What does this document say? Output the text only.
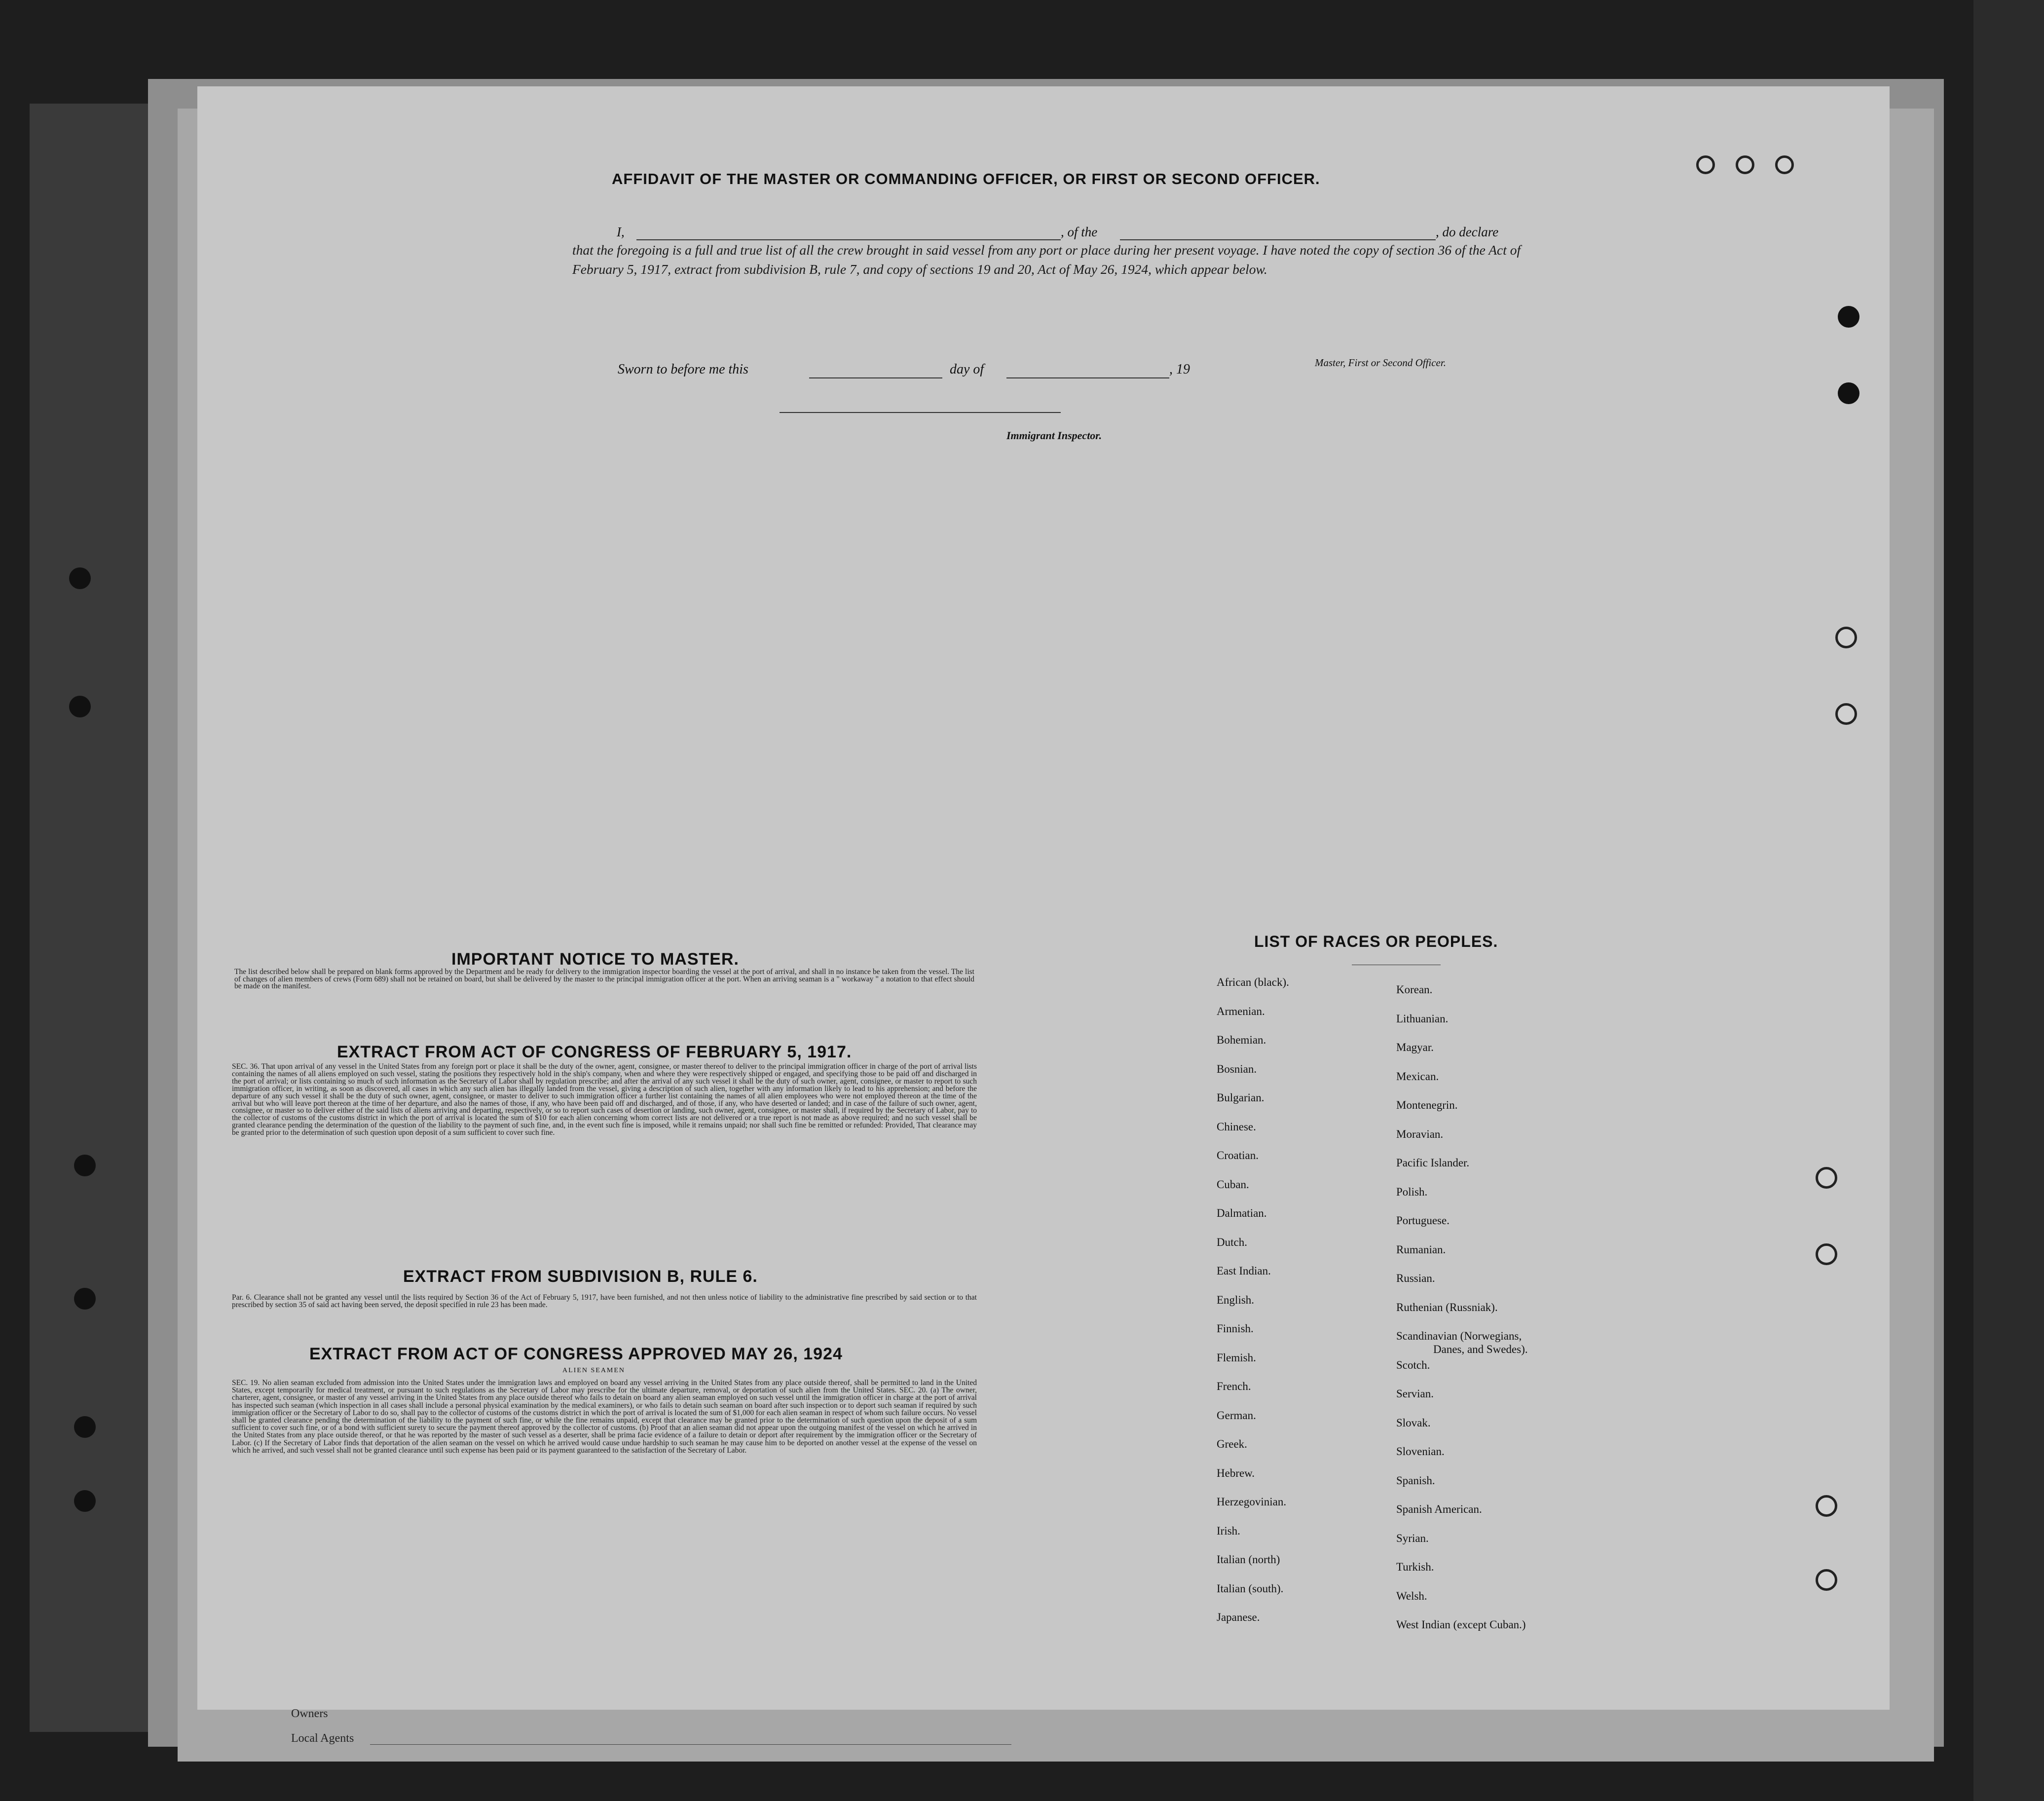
AFFIDAVIT OF THE MASTER OR COMMANDING OFFICER, OR FIRST OR SECOND OFFICER.
I,	, of the	, do declare
that the foregoing is a full and true list of all the crew brought in said vessel from any port or place during her present voyage. I have noted the copy of section 36 of the Act of February 5, 1917, extract from subdivision B, rule 7, and copy of sections 19 and 20, Act of May 26, 1924, which appear below.
Master, First or Second Officer.
Sworn to before me this	day of	, 19
Immigrant Inspector.
IMPORTANT NOTICE TO MASTER.
The list described below shall be prepared on blank forms approved by the Department and be ready for delivery to the immigration inspector boarding the vessel at the port of arrival, and shall in no instance be taken from the vessel. The list of changes of alien members of crews (Form 689) shall not be retained on board, but shall be delivered by the master to the principal immigration officer at the port. When an arriving seaman is a " workaway " a notation to that effect should be made on the manifest.
EXTRACT FROM ACT OF CONGRESS OF FEBRUARY 5, 1917.
SEC. 36. That upon arrival of any vessel in the United States from any foreign port or place it shall be the duty of the owner, agent, consignee, or master thereof to deliver to the principal immigration officer in charge of the port of arrival lists containing the names of all aliens employed on such vessel, stating the positions they respectively hold in the ship's company, when and where they were respectively shipped or engaged, and specifying those to be paid off and discharged in the port of arrival; or lists containing so much of such information as the Secretary of Labor shall by regulation prescribe; and after the arrival of any such vessel it shall be the duty of such owner, agent, consignee, or master to report to such immigration officer, in writing, as soon as discovered, all cases in which any such alien has illegally landed from the vessel, giving a description of such alien, together with any information likely to lead to his apprehension; and before the departure of any such vessel it shall be the duty of such owner, agent, consignee, or master to deliver to such immigration officer a further list containing the names of all alien employees who were not employed thereon at the time of the arrival but who will leave port thereon at the time of her departure, and also the names of those, if any, who have been paid off and discharged, and of those, if any, who have deserted or landed; and in case of the failure of such owner, agent, consignee, or master so to deliver either of the said lists of aliens arriving and departing, respectively, or so to report such cases of desertion or landing, such owner, agent, consignee, or master shall, if required by the Secretary of Labor, pay to the collector of customs of the customs district in which the port of arrival is located the sum of $10 for each alien concerning whom correct lists are not delivered or a true report is not made as above required; and no such vessel shall be granted clearance pending the determination of the question of the liability to the payment of such fine, and, in the event such fine is imposed, while it remains unpaid; nor shall such fine be remitted or refunded: Provided, That clearance may be granted prior to the determination of such question upon deposit of a sum sufficient to cover such fine.
EXTRACT FROM SUBDIVISION B, RULE 6.
Par. 6. Clearance shall not be granted any vessel until the lists required by Section 36 of the Act of February 5, 1917, have been furnished, and not then unless notice of liability to the administrative fine prescribed by said section or to that prescribed by section 35 of said act having been served, the deposit specified in rule 23 has been made.
EXTRACT FROM ACT OF CONGRESS APPROVED MAY 26, 1924
ALIEN SEAMEN
SEC. 19. No alien seaman excluded from admission into the United States under the immigration laws and employed on board any vessel arriving in the United States from any place outside thereof, shall be permitted to land in the United States, except temporarily for medical treatment, or pursuant to such regulations as the Secretary of Labor may prescribe for the ultimate departure, removal, or deportation of such alien from the United States. SEC. 20. (a) The owner, charterer, agent, consignee, or master of any vessel arriving in the United States from any place outside thereof who fails to detain on board any alien seaman employed on such vessel until the immigration officer in charge at the port of arrival has inspected such seaman (which inspection in all cases shall include a personal physical examination by the medical examiners), or who fails to detain such seaman on board after such inspection or to deport such seaman if required by such immigration officer or the Secretary of Labor to do so, shall pay to the collector of customs of the customs district in which the port of arrival is located the sum of $1,000 for each alien seaman in respect of whom such failure occurs. No vessel shall be granted clearance pending the determination of the liability to the payment of such fine, or while the fine remains unpaid, except that clearance may be granted prior to the determination of such question upon the deposit of a sum sufficient to cover such fine, or of a bond with sufficient surety to secure the payment thereof approved by the collector of customs. (b) Proof that an alien seaman did not appear upon the outgoing manifest of the vessel on which he arrived in the United States from any place outside thereof, or that he was reported by the master of such vessel as a deserter, shall be prima facie evidence of a failure to detain or deport after requirement by the immigration officer or the Secretary of Labor. (c) If the Secretary of Labor finds that deportation of the alien seaman on the vessel on which he arrived would cause undue hardship to such seaman he may cause him to be deported on another vessel at the expense of the vessel on which he arrived, and such vessel shall not be granted clearance until such expense has been paid or its payment guaranteed to the satisfaction of the Secretary of Labor.
LIST OF RACES OR PEOPLES.
African (black).
Armenian.
Bohemian.
Bosnian.
Bulgarian.
Chinese.
Croatian.
Cuban.
Dalmatian.
Dutch.
East Indian.
English.
Finnish.
Flemish.
French.
German.
Greek.
Hebrew.
Herzegovinian.
Irish.
Italian (north)
Italian (south).
Japanese.
Korean.
Lithuanian.
Magyar.
Mexican.
Montenegrin.
Moravian.
Pacific Islander.
Polish.
Portuguese.
Rumanian.
Russian.
Ruthenian (Russniak).
Scandinavian (Norwegians,
Scotch.
Servian.
Slovak.
Slovenian.
Spanish.
Spanish American.
Syrian.
Turkish.
Welsh.
West Indian (except Cuban.)
Danes, and Swedes).
Owners
Local Agents
